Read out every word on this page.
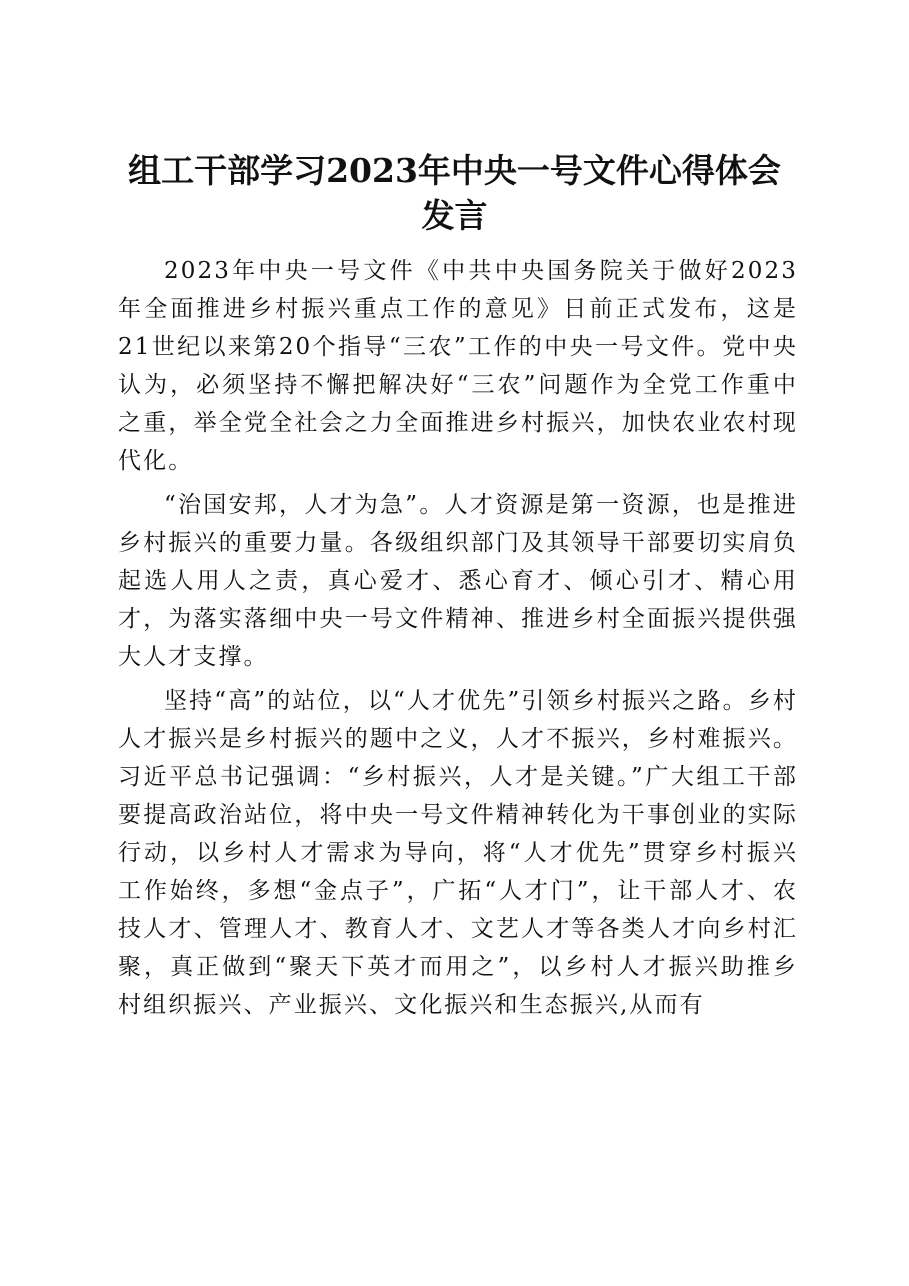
组工干部学习2023年中央一号文件心得体会发言

2023年中央一号文件《中共中央国务院关于做好2023年全面推进乡村振兴重点工作的意见》日前正式发布，这是21世纪以来第20个指导“三农”工作的中央一号文件。党中央认为，必须坚持不懈把解决好“三农”问题作为全党工作重中之重，举全党全社会之力全面推进乡村振兴，加快农业农村现代化。

“治国安邦，人才为急”。人才资源是第一资源，也是推进乡村振兴的重要力量。各级组织部门及其领导干部要切实肩负起选人用人之责，真心爱才、悉心育才、倾心引才、精心用才，为落实落细中央一号文件精神、推进乡村全面振兴提供强大人才支撑。

坚持“高”的站位，以“人才优先”引领乡村振兴之路。乡村人才振兴是乡村振兴的题中之义，人才不振兴，乡村难振兴。习近平总书记强调：“乡村振兴，人才是关键。”广大组工干部要提高政治站位，将中央一号文件精神转化为干事创业的实际行动，以乡村人才需求为导向，将“人才优先”贯穿乡村振兴工作始终，多想“金点子”，广拓“人才门”，让干部人才、农技人才、管理人才、教育人才、文艺人才等各类人才向乡村汇聚，真正做到“聚天下英才而用之”，以乡村人才振兴助推乡村组织振兴、产业振兴、文化振兴和生态振兴,从而有
